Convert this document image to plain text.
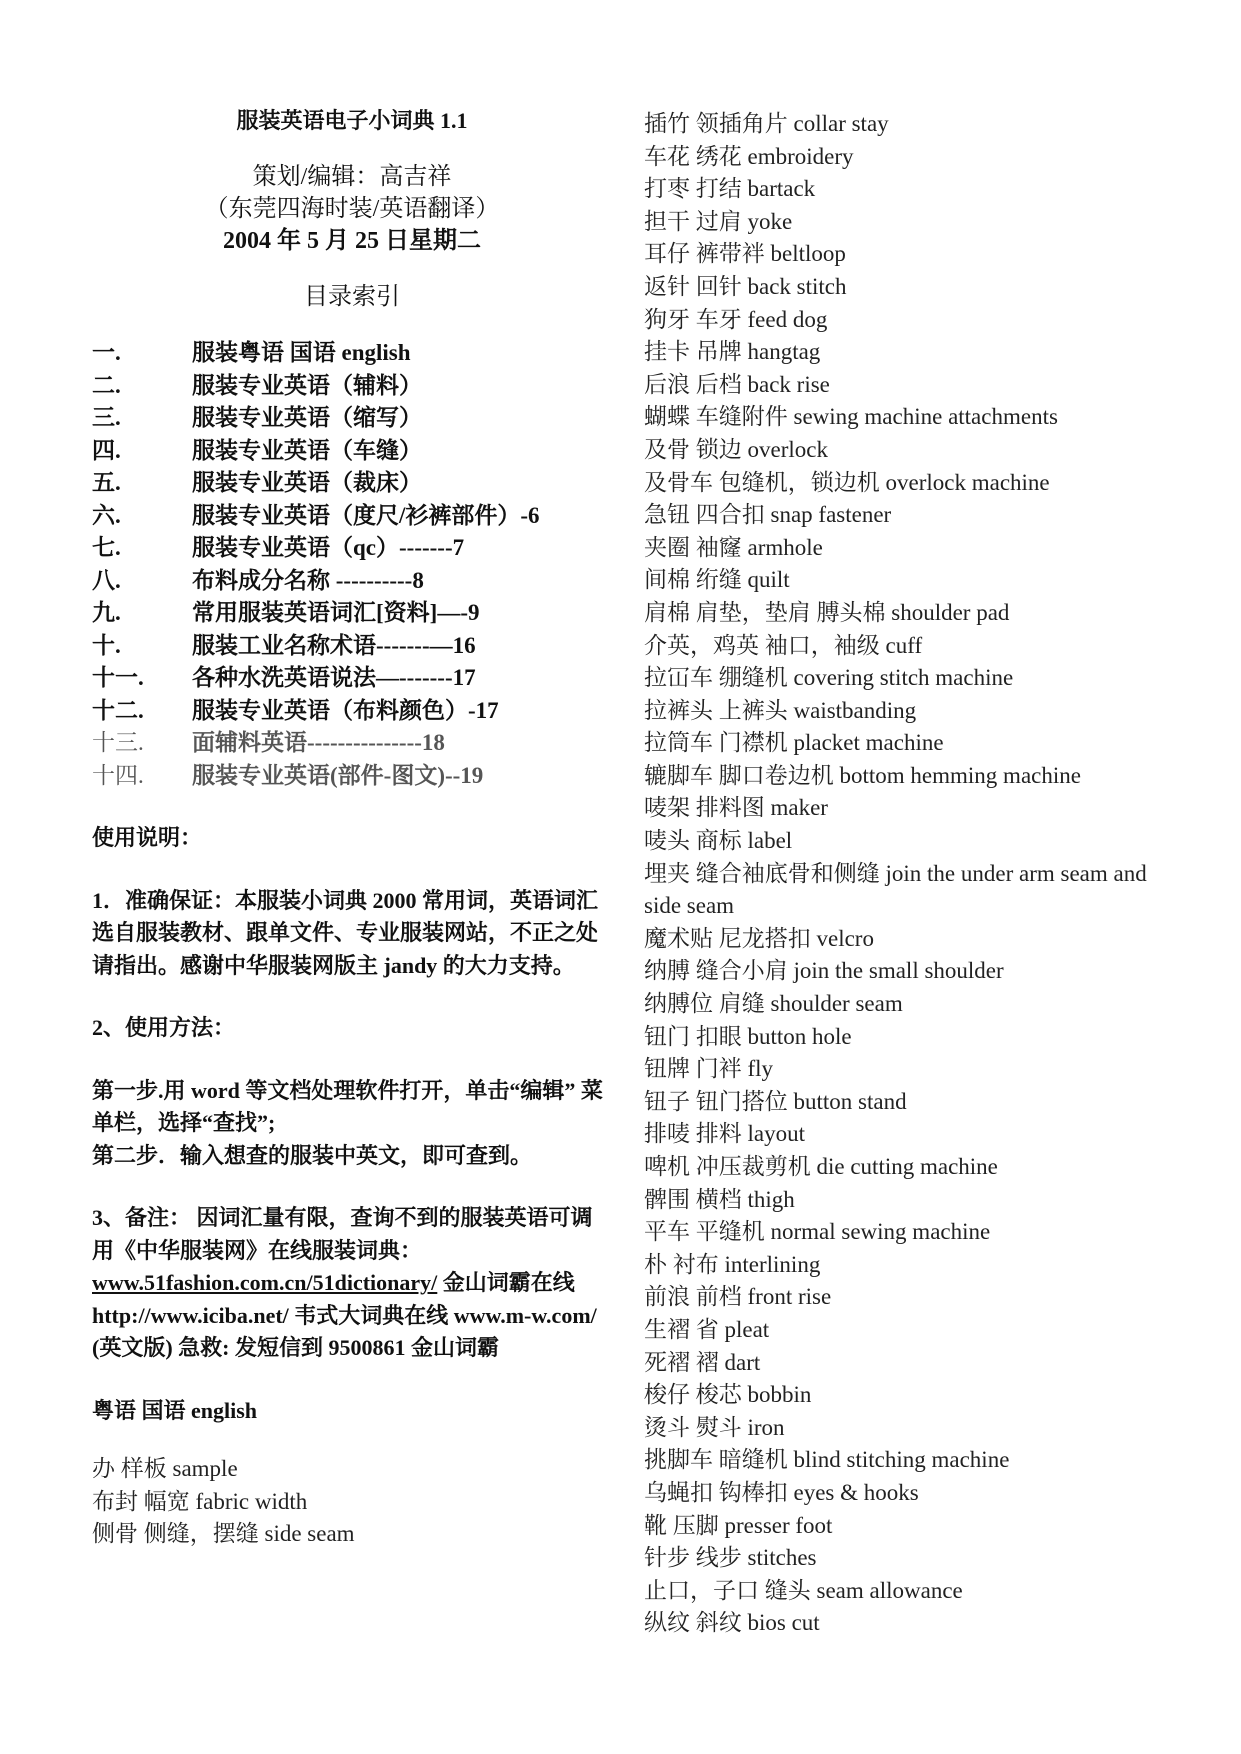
服装英语电子小词典 1.1
策划/编辑：高吉祥
（东莞四海时装/英语翻译）
2004 年 5 月 25 日星期二
目录索引
一.	服装粤语 国语 english
二.	服装专业英语（辅料）
三.	服装专业英语（缩写）
四.	服装专业英语（车缝）
五.	服装专业英语（裁床）
六.	服装专业英语（度尺/衫裤部件）-6
七.	服装专业英语（qc）-------7
八.	布料成分名称 ----------8
九.	常用服装英语词汇[资料]—-9
十.	服装工业名称术语-------—16
十一.	各种水洗英语说法—-------17
十二.	服装专业英语（布料颜色）-17
十三.	面辅料英语---------------18
十四.	服装专业英语(部件-图文)--19
使用说明：
1．准确保证：本服装小词典 2000 常用词，英语词汇选自服装教材、跟单文件、专业服装网站，不正之处请指出。感谢中华服装网版主 jandy 的大力支持。
2、使用方法：
第一步.用 word 等文档处理软件打开，单击“编辑” 菜单栏，选择“查找”;
第二步．输入想查的服装中英文，即可查到。
3、备注： 因词汇量有限，查询不到的服装英语可调用《中华服装网》在线服装词典：www.51fashion.com.cn/51dictionary/ 金山词霸在线 http://www.iciba.net/ 韦式大词典在线 www.m-w.com/ (英文版) 急救: 发短信到 9500861 金山词霸
粤语 国语 english
办 样板 sample
布封 幅宽 fabric width
侧骨 侧缝，摆缝 side seam
插竹 领插角片 collar stay
车花 绣花 embroidery
打枣 打结 bartack
担干 过肩 yoke
耳仔 裤带袢 beltloop
返针 回针 back stitch
狗牙 车牙 feed dog
挂卡 吊牌 hangtag
后浪 后档 back rise
蝴蝶 车缝附件 sewing machine attachments
及骨 锁边 overlock
及骨车 包缝机，锁边机 overlock machine
急钮 四合扣 snap fastener
夹圈 袖窿 armhole
间棉 绗缝 quilt
肩棉 肩垫，垫肩 膊头棉 shoulder pad
介英，鸡英 袖口，袖级 cuff
拉冚车 绷缝机 covering stitch machine
拉裤头 上裤头 waistbanding
拉筒车 门襟机 placket machine
辘脚车 脚口卷边机 bottom hemming machine
唛架 排料图 maker
唛头 商标 label
埋夹 缝合袖底骨和侧缝 join the under arm seam and side seam
魔术贴 尼龙搭扣 velcro
纳膊 缝合小肩 join the small shoulder
纳膊位 肩缝 shoulder seam
钮门 扣眼 button hole
钮牌 门袢 fly
钮子 钮门搭位 button stand
排唛 排料 layout
啤机 冲压裁剪机 die cutting machine
髀围 横档 thigh
平车 平缝机 normal sewing machine
朴 衬布 interlining
前浪 前档 front rise
生褶 省 pleat
死褶 褶 dart
梭仔 梭芯 bobbin
烫斗 熨斗 iron
挑脚车 暗缝机 blind stitching machine
乌蝇扣 钩棒扣 eyes & hooks
靴 压脚 presser foot
针步 线步 stitches
止口，子口 缝头 seam allowance
纵纹 斜纹 bios cut
